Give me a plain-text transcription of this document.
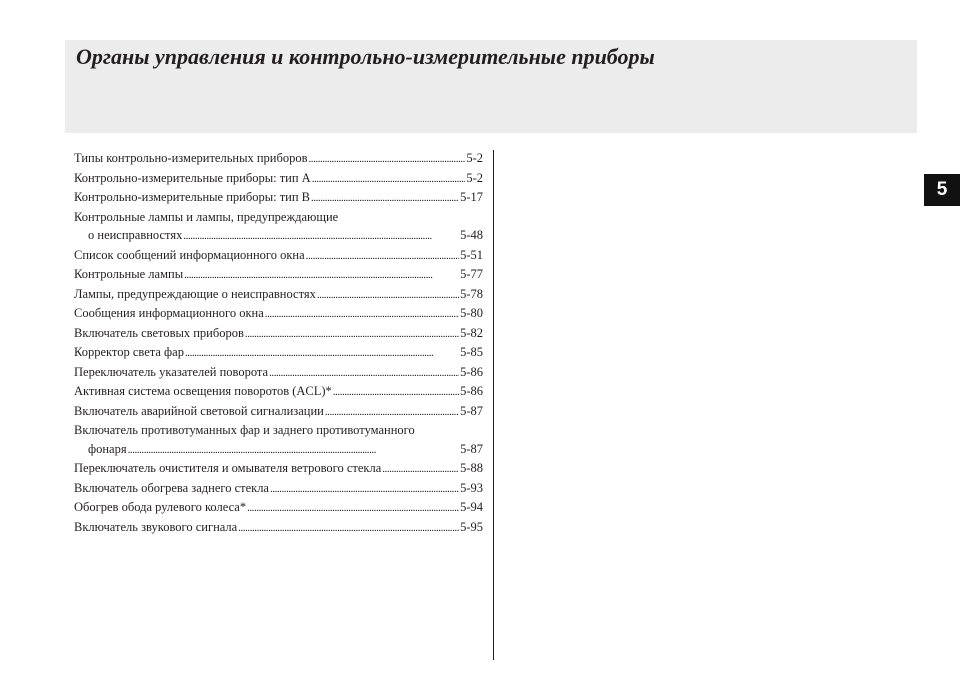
Органы управления и контрольно-измерительные приборы
5
Типы контрольно-измерительных приборов . . .	5-2
Контрольно-измерительные приборы: тип А . . .	5-2
Контрольно-измерительные приборы: тип В . . .	5-17
Контрольные лампы и лампы, предупреждающие
о неисправностях . . .	5-48
Список сообщений информационного окна . . .	5-51
Контрольные лампы . . .	5-77
Лампы, предупреждающие о неисправностях . . .	5-78
Сообщения информационного окна . . .	5-80
Включатель световых приборов . . .	5-82
Корректор света фар . . .	5-85
Переключатель указателей поворота . . .	5-86
Активная система освещения поворотов (ACL)* . . .	5-86
Включатель аварийной световой сигнализации . . .	5-87
Включатель противотуманных фар и заднего противотуманного
фонаря . . .	5-87
Переключатель очистителя и омывателя ветрового стекла . . .	5-88
Включатель обогрева заднего стекла . . .	5-93
Обогрев обода рулевого колеса* . . .	5-94
Включатель звукового сигнала . . .	5-95
